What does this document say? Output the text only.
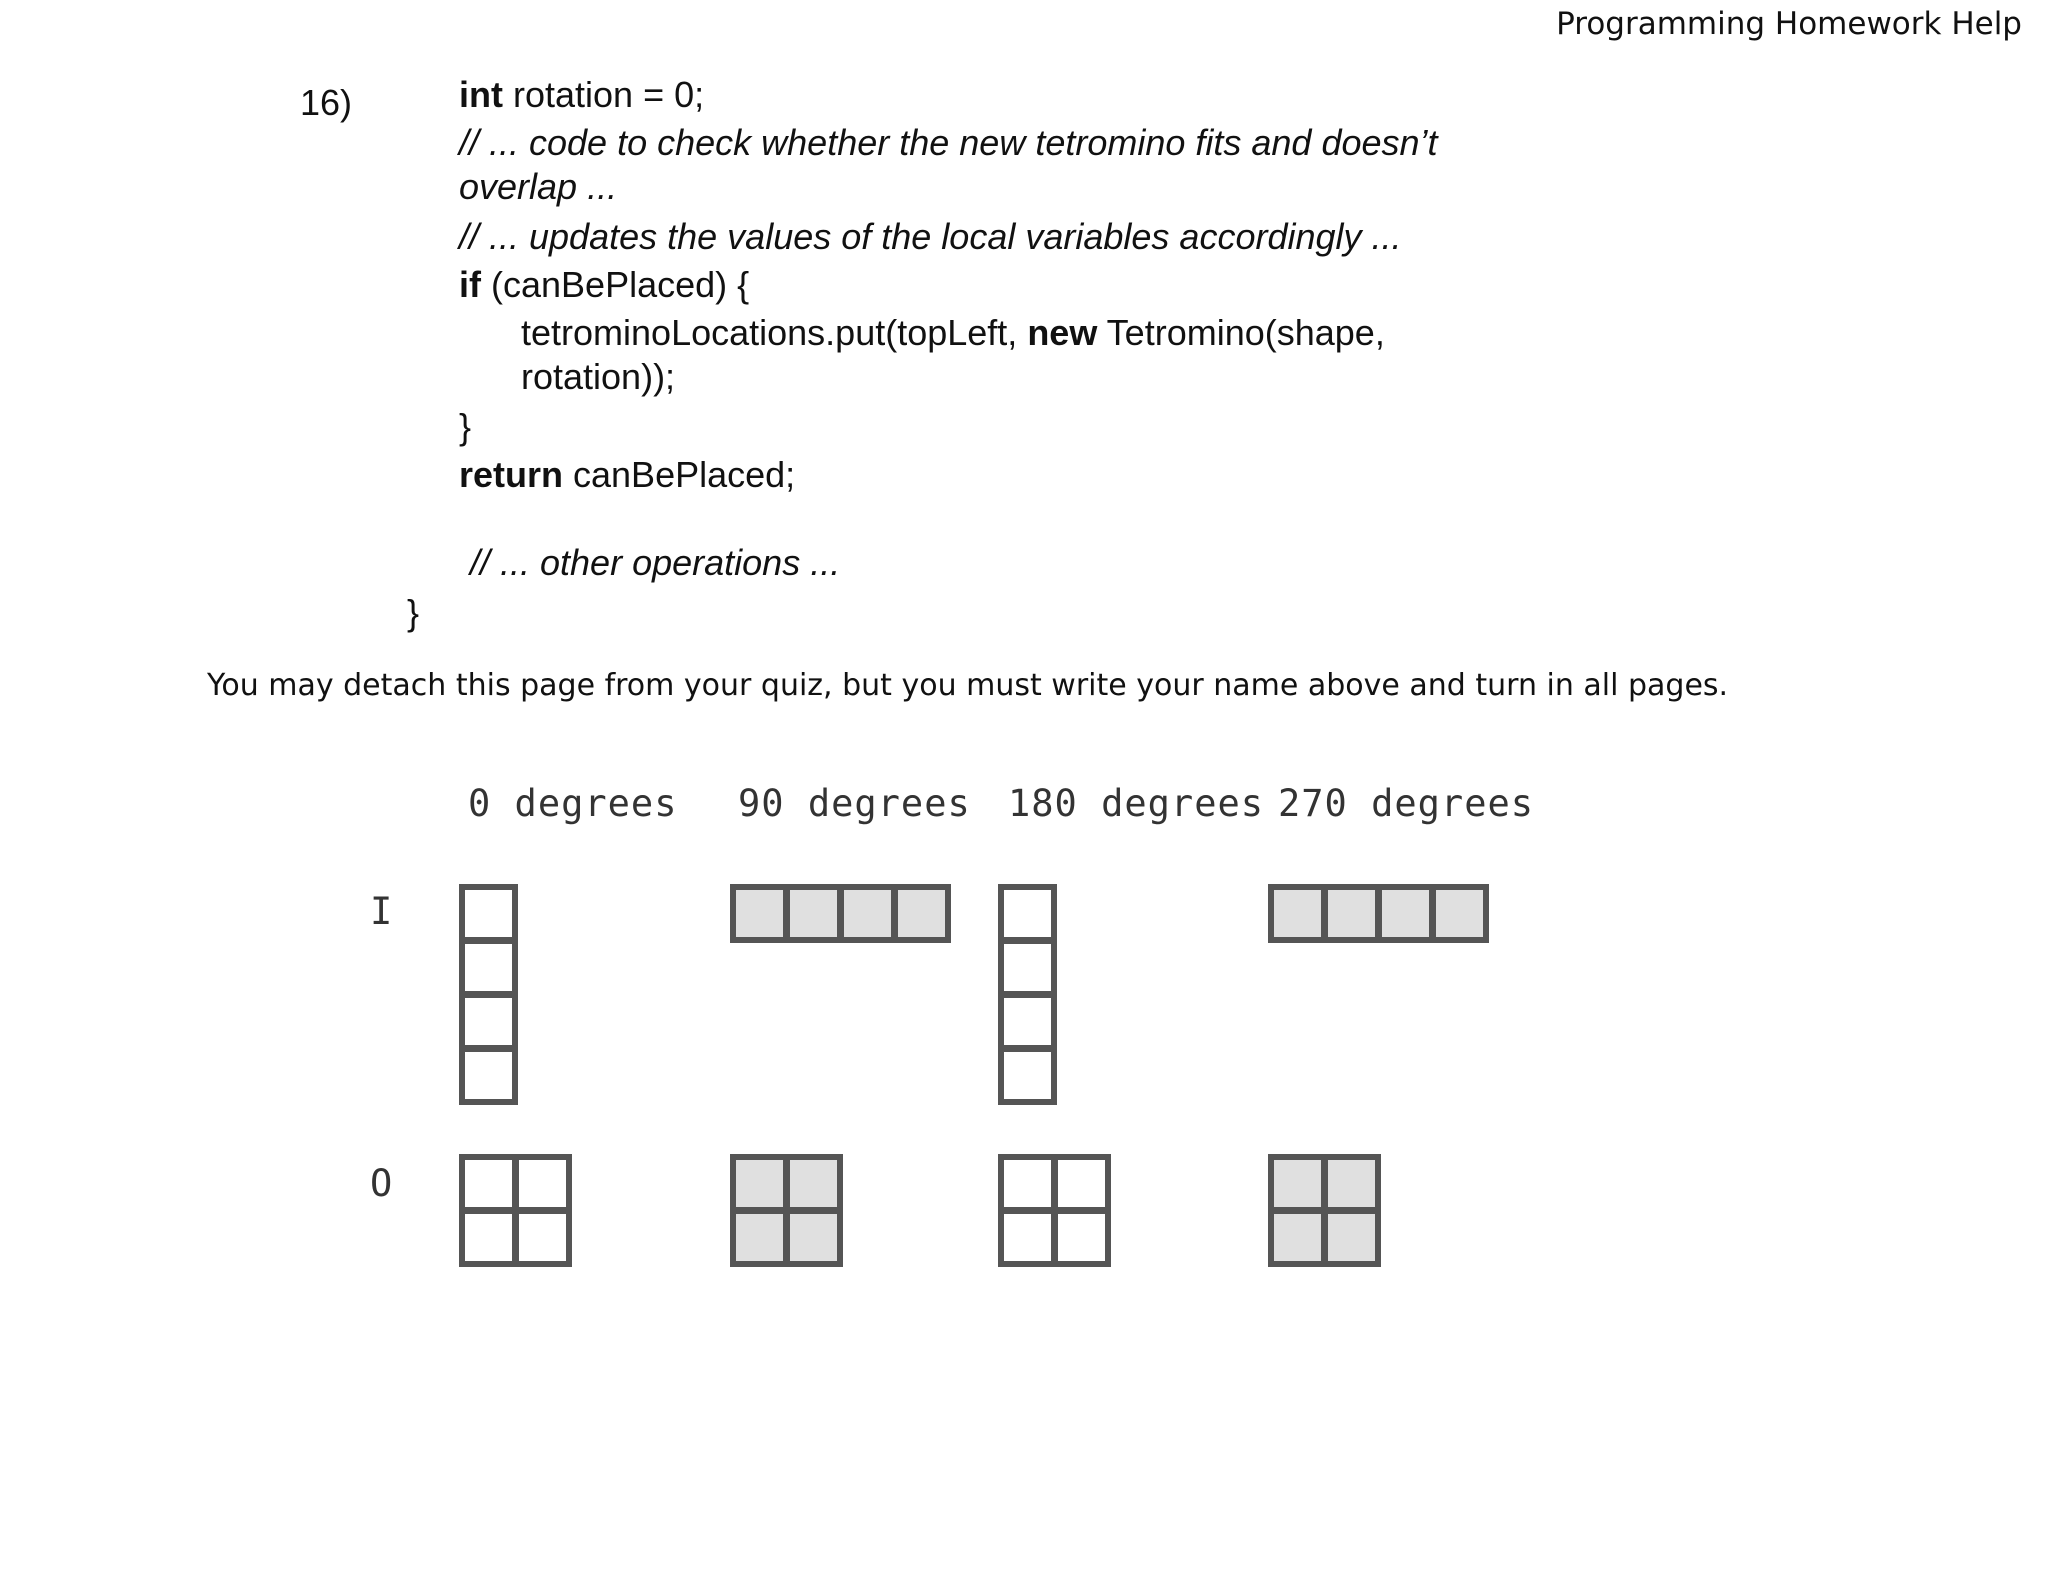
Programming Homework Help
16)	int rotation = 0;
// ... code to check whether the new tetromino fits and doesn’t
overlap ...
// ... updates the values of the local variables accordingly ...
if (canBePlaced) {
tetrominoLocations.put(topLeft, new Tetromino(shape,
rotation));
}
return canBePlaced;
// ... other operations ...
}
You may detach this page from your quiz, but you must write your name above and turn in all pages.
0 degrees 90 degrees 180 degrees 270 degrees
I
O
